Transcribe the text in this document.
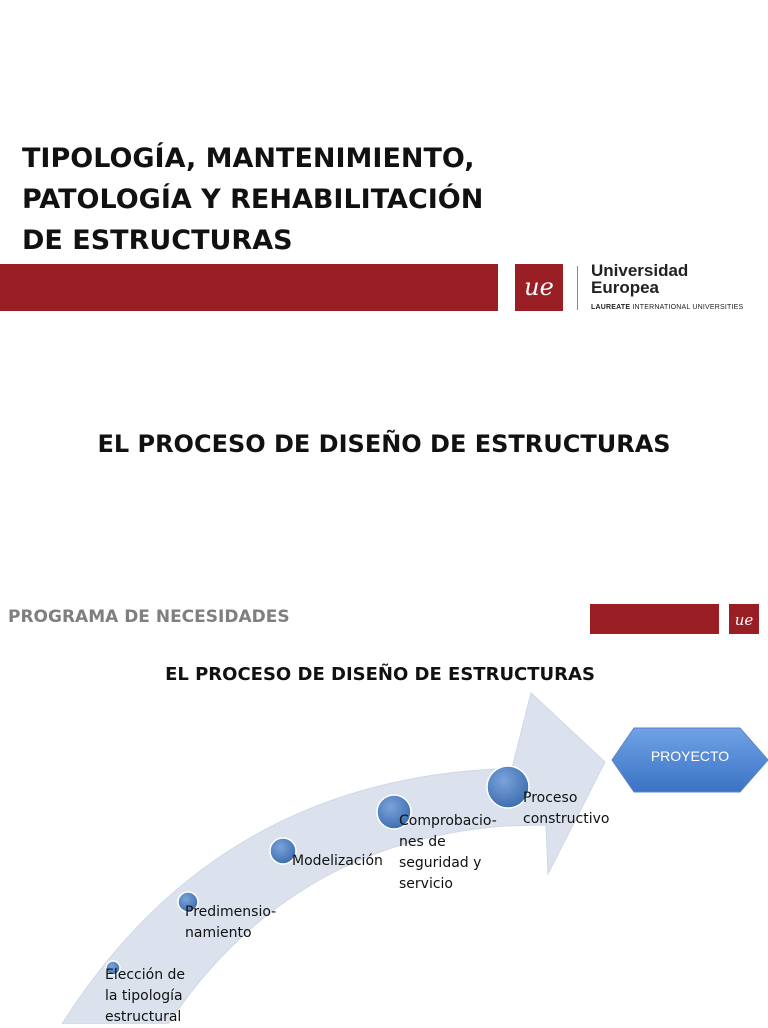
TIPOLOGÍA, MANTENIMIENTO,
PATOLOGÍA Y REHABILITACIÓN
DE ESTRUCTURAS
ue
Universidad
Europea
LAUREATE INTERNATIONAL UNIVERSITIES
EL PROCESO DE DISEÑO DE ESTRUCTURAS
PROGRAMA DE NECESIDADES	ue
EL PROCESO DE DISEÑO DE ESTRUCTURAS
PROYECTO
Elección de
la tipología
estructural
Predimensio-
namiento
Modelización
Comprobacio-
nes de
seguridad y
servicio
Proceso
constructivo
